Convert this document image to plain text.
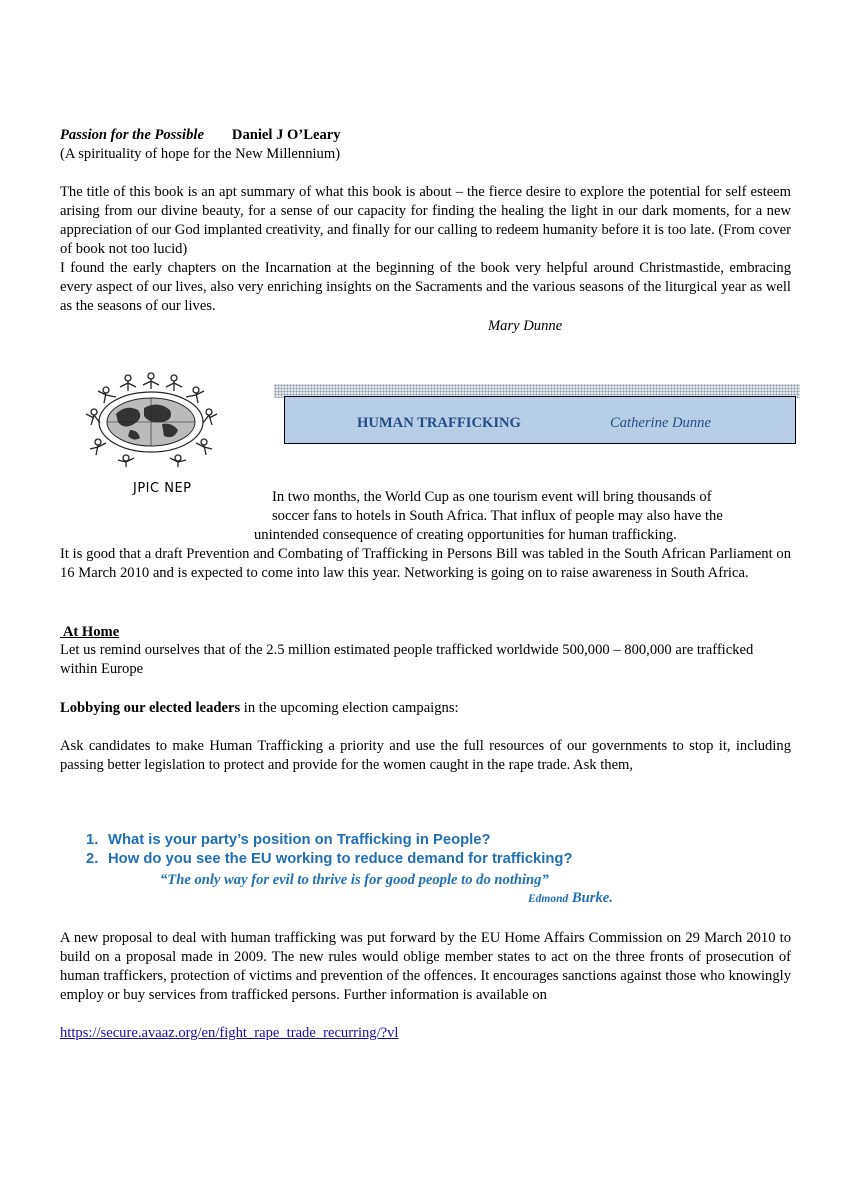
Passion for the Possible Daniel J O’Leary
(A spirituality of hope for the New Millennium)

The title of this book is an apt summary of what this book is about – the fierce desire to explore the potential for self esteem arising from our divine beauty, for a sense of our capacity for finding the healing the light in our dark moments, for a new appreciation of our God implanted creativity, and finally for our calling to redeem humanity before it is too late. (From cover of book not too lucid)

I found the early chapters on the Incarnation at the beginning of the book very helpful around Christmastide, embracing every aspect of our lives, also very enriching insights on the Sacraments and the various seasons of the liturgical year as well as the seasons of our lives.

Mary Dunne
JPIC NEP
HUMAN TRAFFICKING	Catherine Dunne
In two months, the World Cup as one tourism event will bring thousands of
soccer fans to hotels in South Africa. That influx of people may also have the
unintended consequence of creating opportunities for human trafficking.

It is good that a draft Prevention and Combating of Trafficking in Persons Bill was tabled in the South African Parliament on 16 March 2010 and is expected to come into law this year. Networking is going on to raise awareness in South Africa.

At Home

Let us remind ourselves that of the 2.5 million estimated people trafficked worldwide 500,000 – 800,000 are trafficked within Europe

Lobbying our elected leaders in the upcoming election campaigns:

Ask candidates to make Human Trafficking a priority and use the full resources of our governments to stop it, including passing better legislation to protect and provide for the women caught in the rape trade. Ask them,

1. What is your party’s position on Trafficking in People?
2. How do you see the EU working to reduce demand for trafficking?
“The only way for evil to thrive is for good people to do nothing”
Edmond Burke.

A new proposal to deal with human trafficking was put forward by the EU Home Affairs Commission on 29 March 2010 to build on a proposal made in 2009. The new rules would oblige member states to act on the three fronts of prosecution of human traffickers, protection of victims and prevention of the offences. It encourages sanctions against those who knowingly employ or buy services from trafficked persons. Further information is available on

https://secure.avaaz.org/en/fight_rape_trade_recurring/?vl
